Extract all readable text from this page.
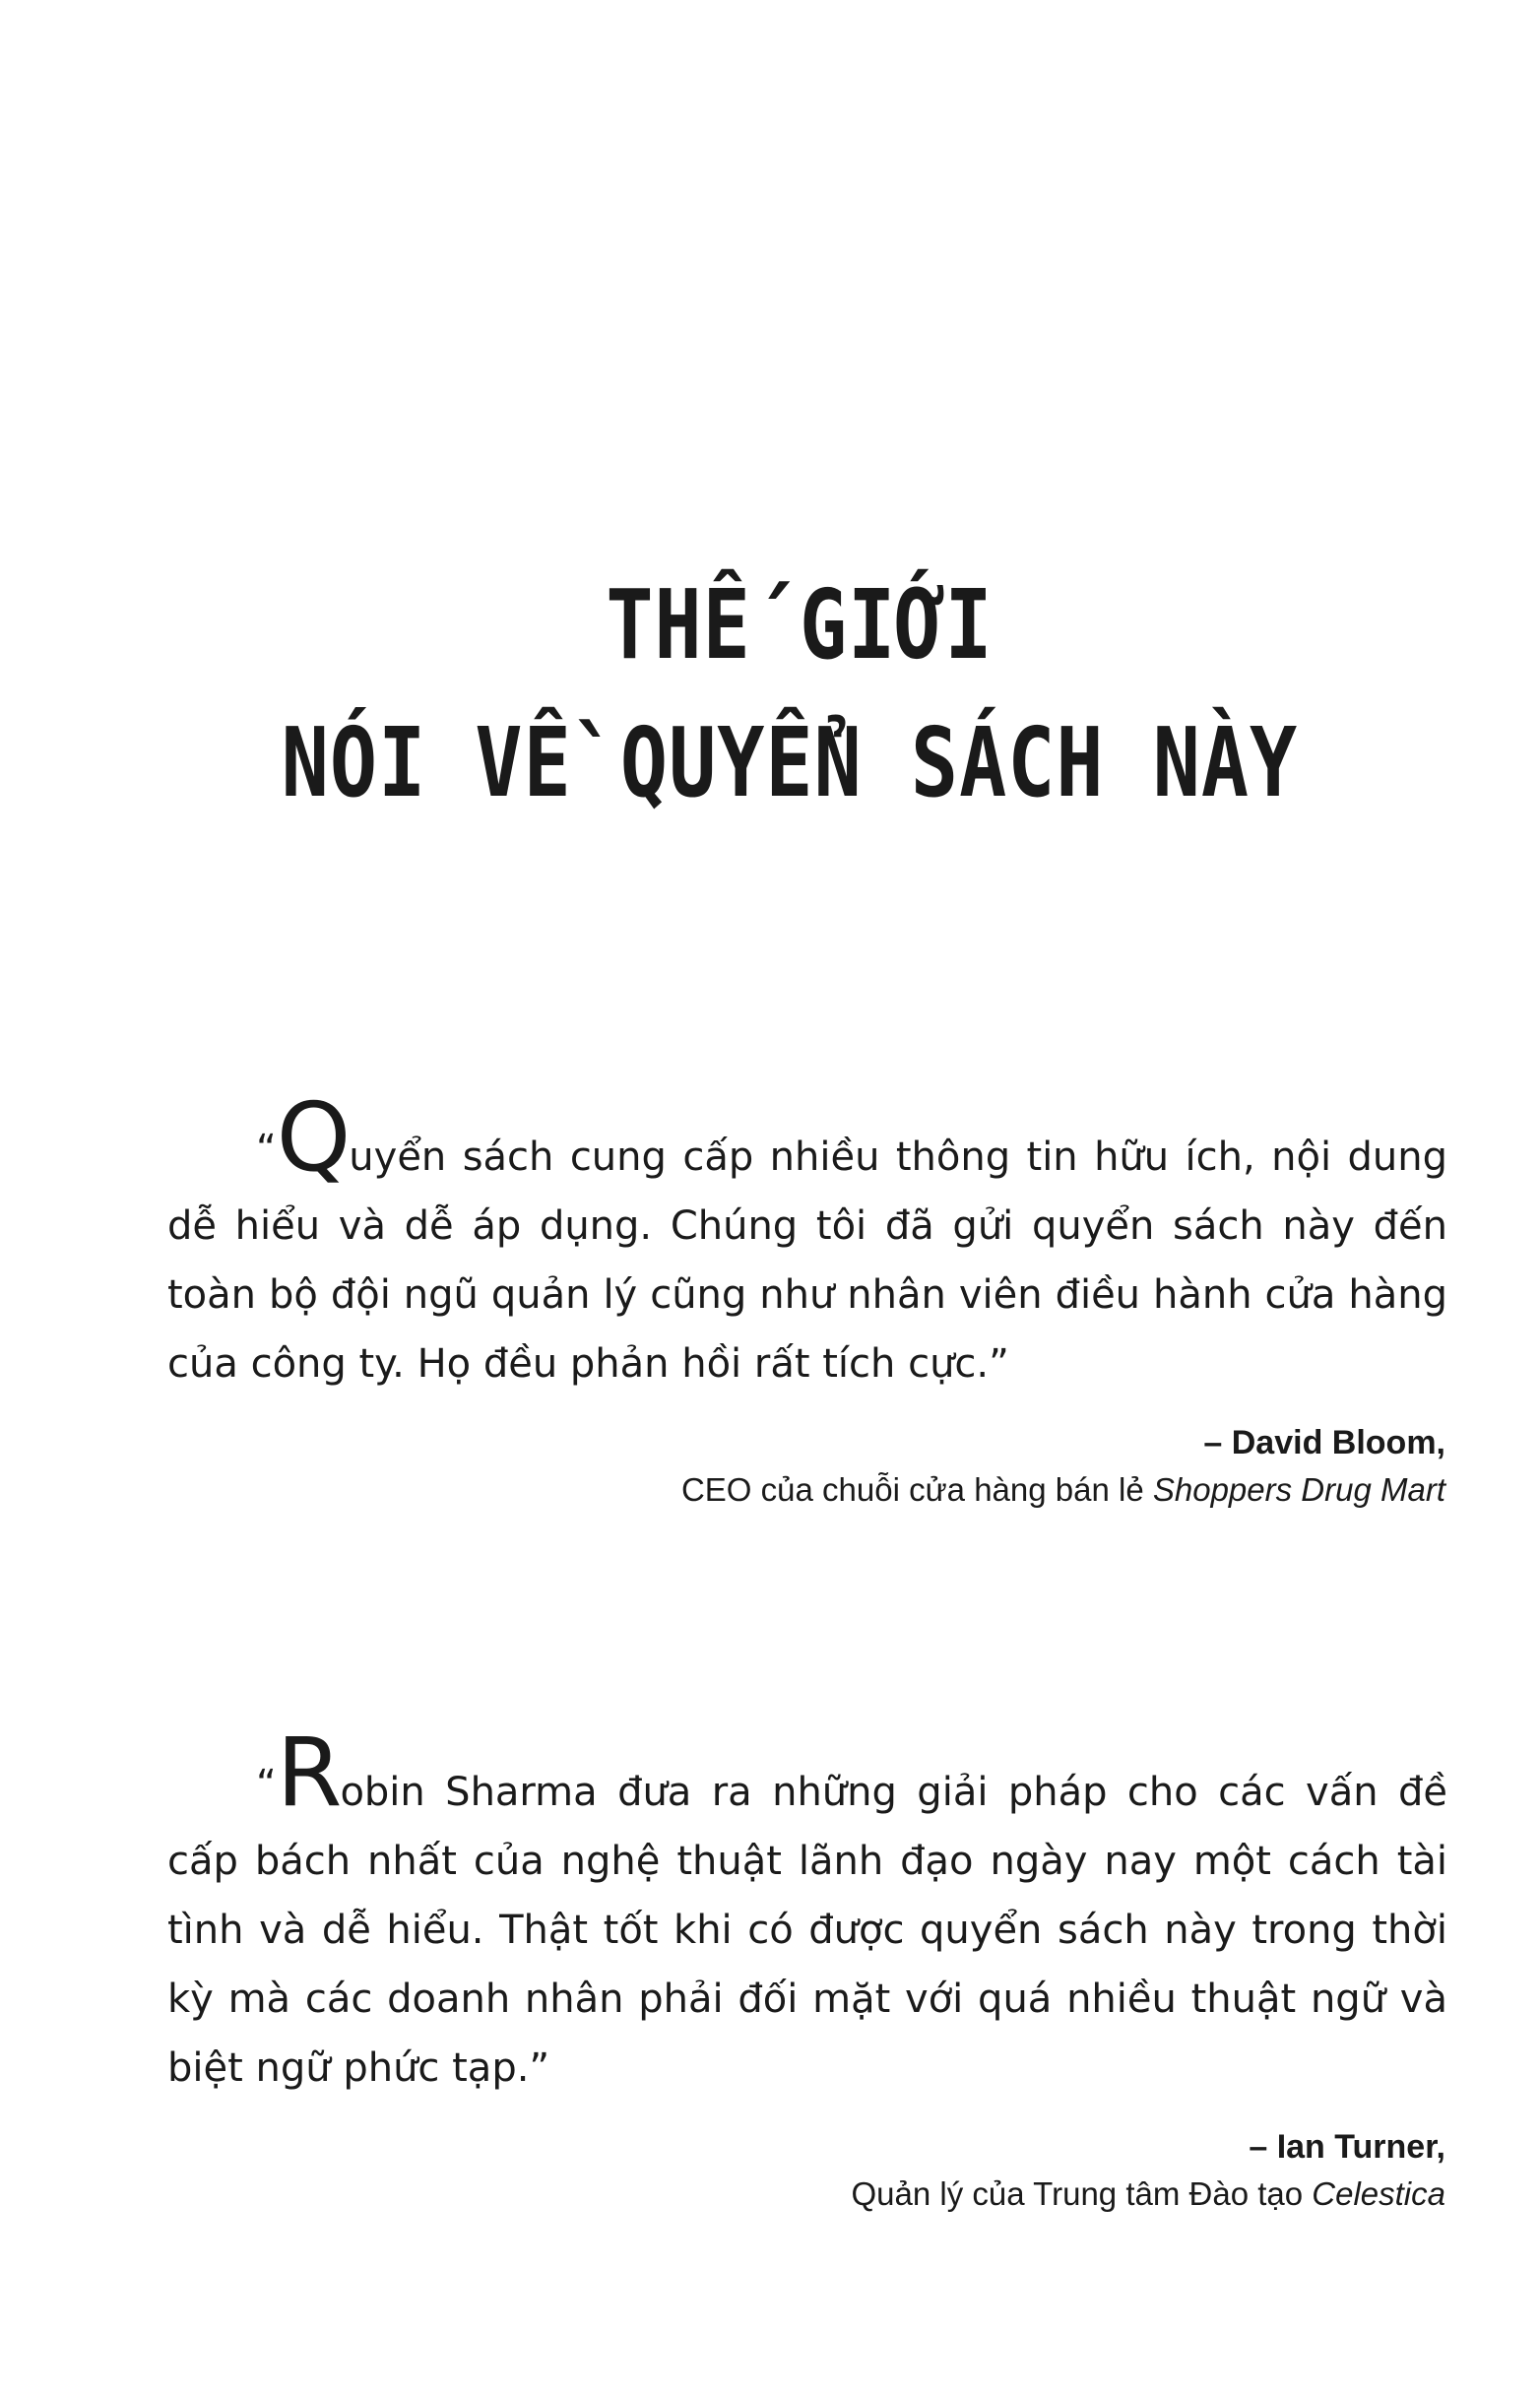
THẾ GIỚI
NÓI VỀ QUYỂN SÁCH NÀY
“Quyển sách cung cấp nhiều thông tin hữu ích, nội dung dễ hiểu và dễ áp dụng. Chúng tôi đã gửi quyển sách này đến toàn bộ đội ngũ quản lý cũng như nhân viên điều hành cửa hàng của công ty. Họ đều phản hồi rất tích cực.”
– David Bloom,
CEO của chuỗi cửa hàng bán lẻ Shoppers Drug Mart
“Robin Sharma đưa ra những giải pháp cho các vấn đề cấp bách nhất của nghệ thuật lãnh đạo ngày nay một cách tài tình và dễ hiểu. Thật tốt khi có được quyển sách này trong thời kỳ mà các doanh nhân phải đối mặt với quá nhiều thuật ngữ và biệt ngữ phức tạp.”
– Ian Turner,
Quản lý của Trung tâm Đào tạo Celestica
